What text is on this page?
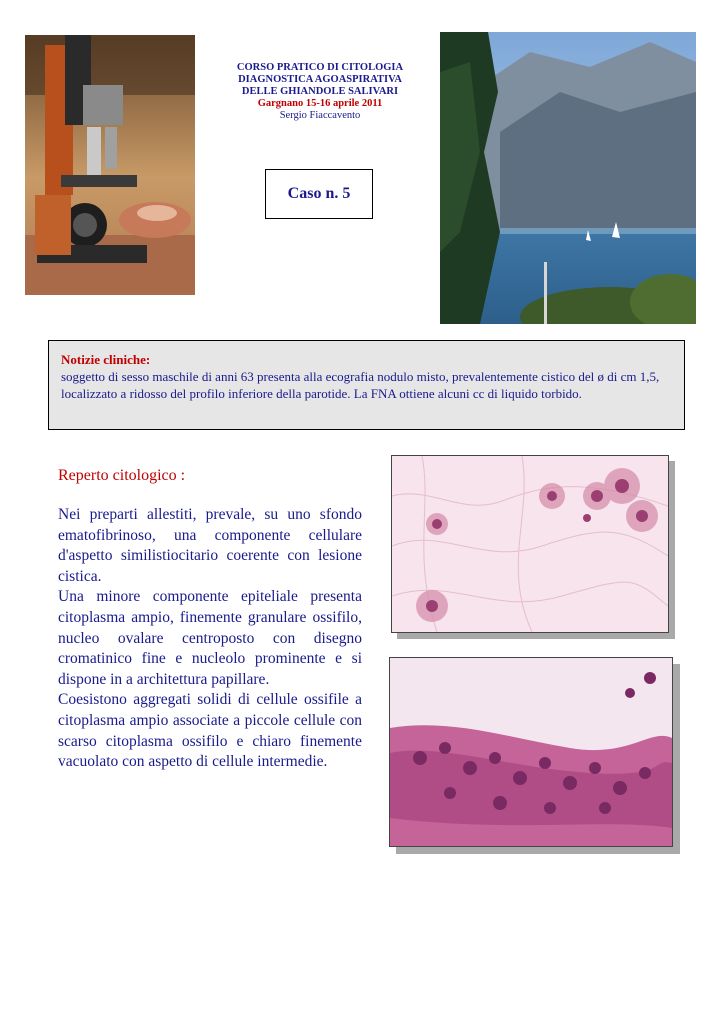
CORSO PRATICO DI CITOLOGIA
DIAGNOSTICA AGOASPIRATIVA
DELLE GHIANDOLE SALIVARI
Gargnano 15-16 aprile 2011
Sergio Fiaccavento
Caso n. 5
Notizie cliniche:
soggetto di sesso maschile di anni 63 presenta alla ecografia nodulo misto, prevalentemente cistico del ø di cm 1,5, localizzato a ridosso del profilo inferiore della parotide. La FNA ottiene alcuni cc di liquido torbido.
Reperto citologico :

Nei preparti allestiti, prevale, su uno sfondo ematofibrinoso, una componente cellulare d'aspetto similistiocitario coerente con lesione cistica.

Una minore componente epiteliale presenta citoplasma ampio, finemente granulare ossifilo, nucleo ovalare centroposto con disegno cromatinico fine e nucleolo prominente e si dispone in a architettura papillare.

Coesistono aggregati solidi di cellule ossifile a citoplasma ampio associate a piccole cellule con scarso citoplasma ossifilo e chiaro finemente vacuolato con aspetto di cellule intermedie.
